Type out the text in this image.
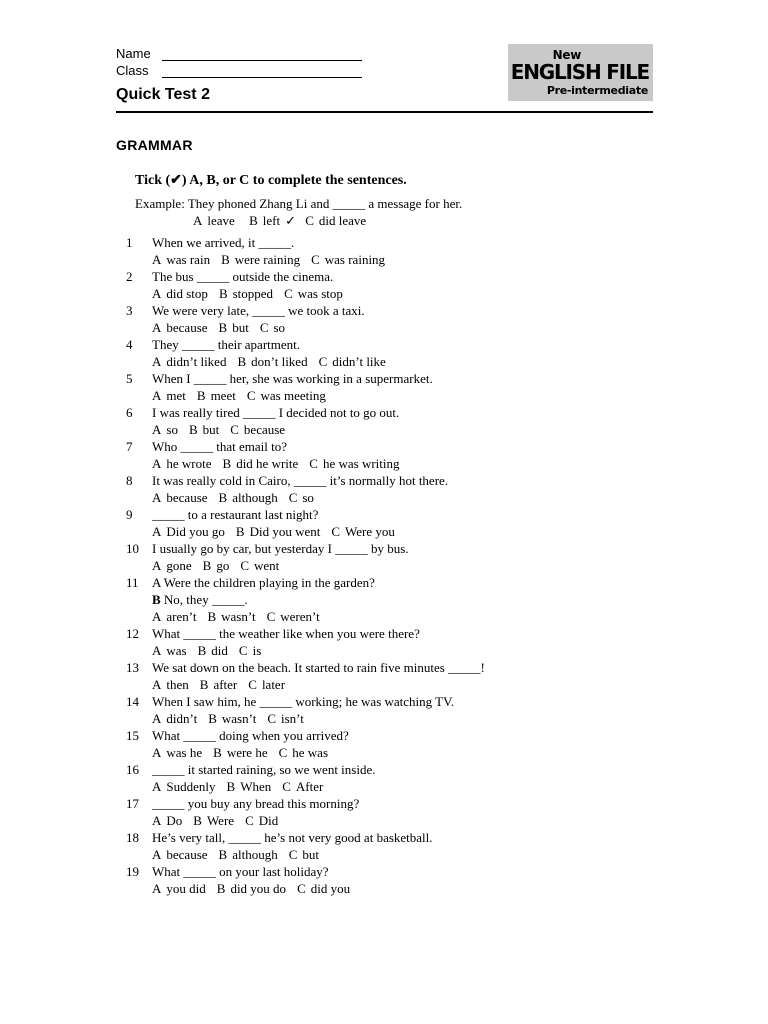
Name
Class
Quick Test 2
New
ENGLISH FILE
Pre-intermediate
GRAMMAR
Tick (✔) A, B, or C to complete the sentences.
Example: They phoned Zhang Li and _____ a message for her.
A leave B left ✓ C did leave
1	When we arrived, it _____.
A was rain B were raining C was raining
2	The bus _____ outside the cinema.
A did stop B stopped C was stop
3	We were very late, _____ we took a taxi.
A because B but C so
4	They _____ their apartment.
A didn’t liked B don’t liked C didn’t like
5	When I _____ her, she was working in a supermarket.
A met B meet C was meeting
6	I was really tired _____ I decided not to go out.
A so B but C because
7	Who _____ that email to?
A he wrote B did he write C he was writing
8	It was really cold in Cairo, _____ it’s normally hot there.
A because B although C so
9	_____ to a restaurant last night?
A Did you go B Did you went C Were you
10	I usually go by car, but yesterday I _____ by bus.
A gone B go C went
11	A Were the children playing in the garden?
B No, they _____.
A aren’t B wasn’t C weren’t
12	What _____ the weather like when you were there?
A was B did C is
13	We sat down on the beach. It started to rain five minutes _____!
A then B after C later
14	When I saw him, he _____ working; he was watching TV.
A didn’t B wasn’t C isn’t
15	What _____ doing when you arrived?
A was he B were he C he was
16	_____ it started raining, so we went inside.
A Suddenly B When C After
17	_____ you buy any bread this morning?
A Do B Were C Did
18	He’s very tall, _____ he’s not very good at basketball.
A because B although C but
19	What _____ on your last holiday?
A you did B did you do C did you
